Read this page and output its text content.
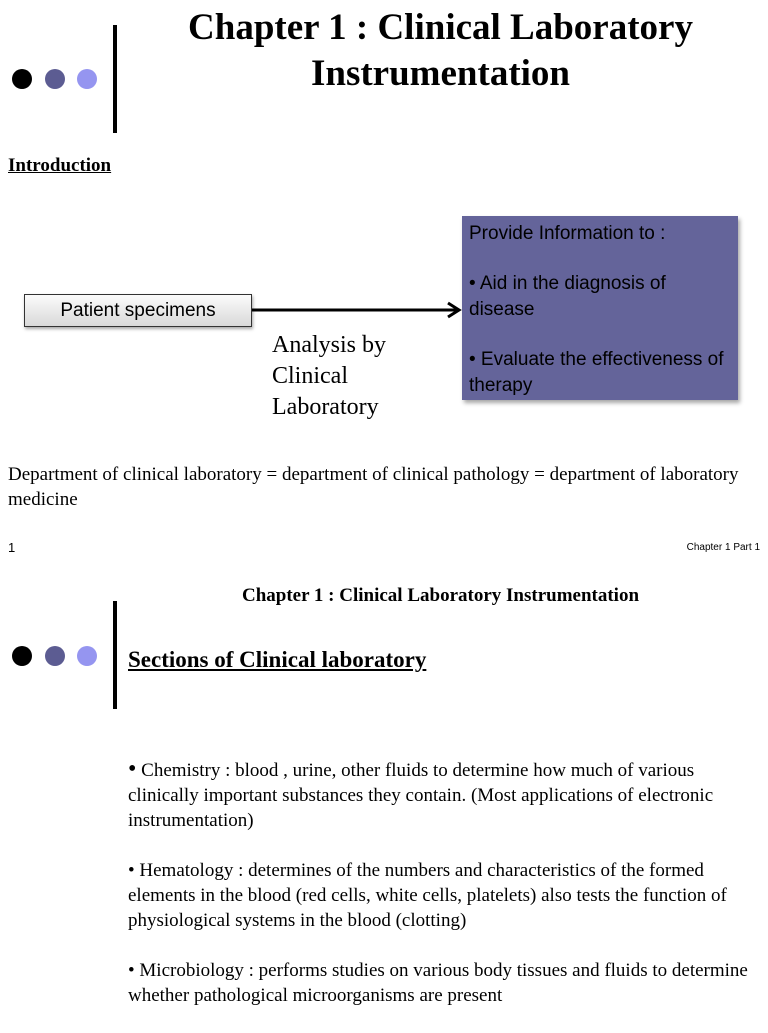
Chapter 1 : Clinical Laboratory Instrumentation
Introduction
Patient specimens
Analysis by Clinical Laboratory
Provide Information to :
• Aid in the diagnosis of disease
• Evaluate the effectiveness of therapy
Department of clinical laboratory = department of clinical pathology = department of laboratory medicine
1	Chapter 1 Part 1
Chapter 1 : Clinical Laboratory Instrumentation
Sections of Clinical laboratory

• Chemistry : blood , urine, other fluids to determine how much of various clinically important substances they contain. (Most applications of electronic instrumentation)

• Hematology : determines of the numbers and characteristics of the formed elements in the blood (red cells, white cells, platelets) also tests the function of physiological systems in the blood (clotting)

• Microbiology : performs studies on various body tissues and fluids to determine whether pathological microorganisms are present
